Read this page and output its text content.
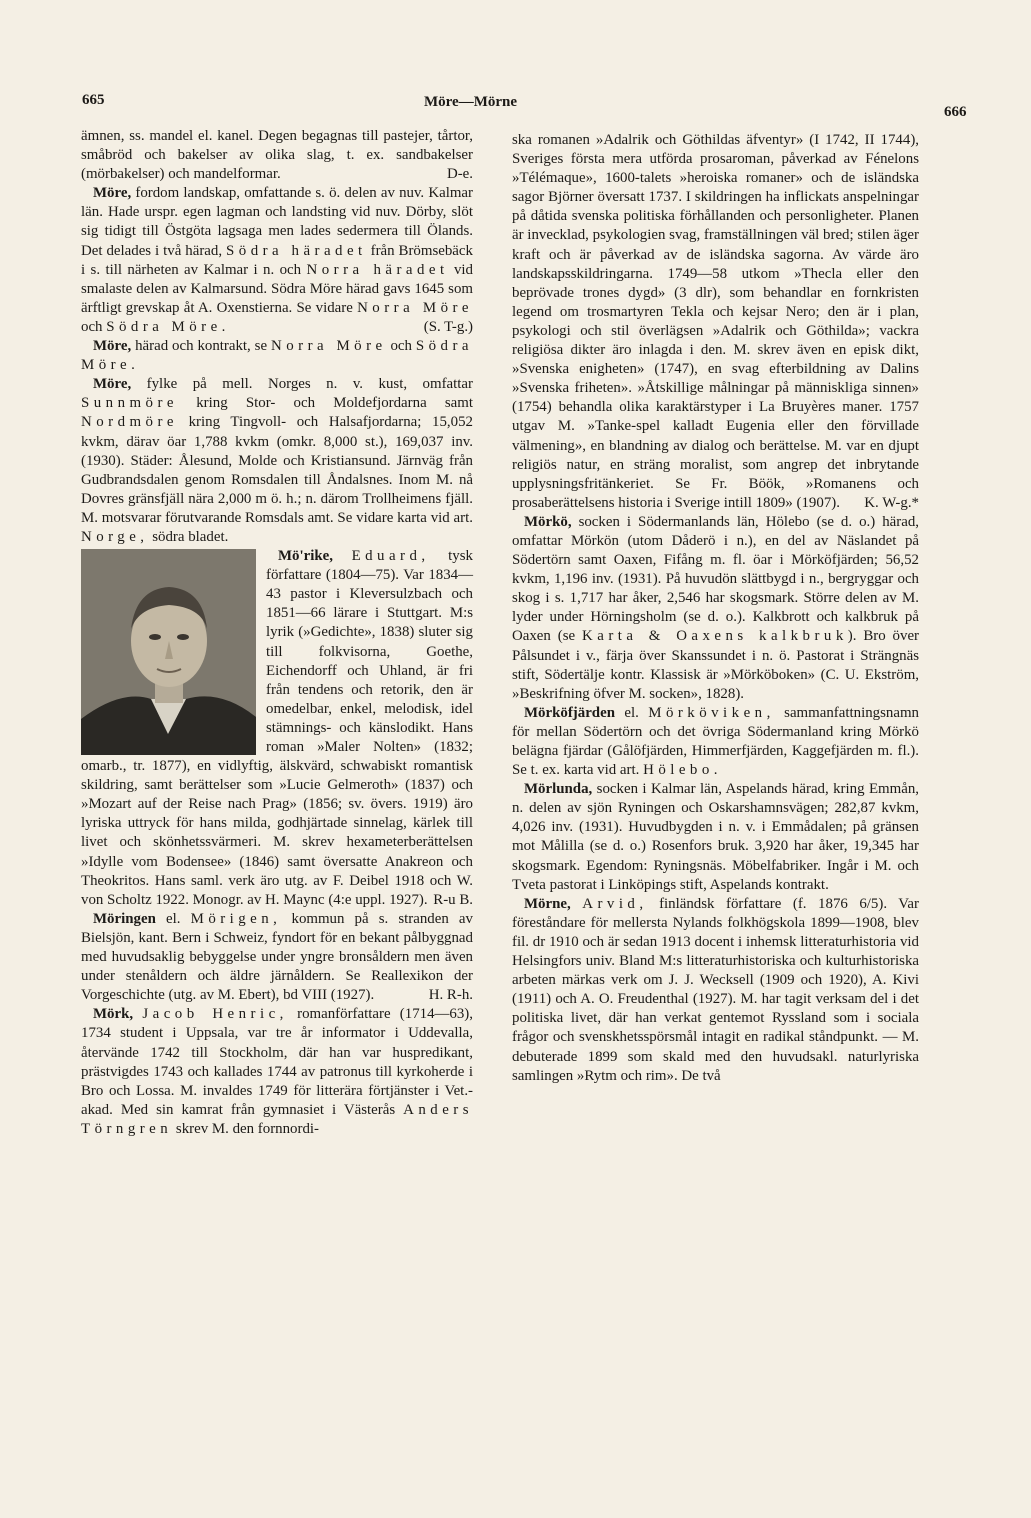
665	Möre—Mörne
666

ämnen, ss. mandel el. kanel. Degen begagnas till pastejer, tårtor, småbröd och bakelser av olika slag, t. ex. sandbakelser (mörbakelser) och mandelformar.	D-e.

Möre, fordom landskap, omfattande s. ö. delen av nuv. Kalmar län. Hade urspr. egen lagman och landsting vid nuv. Dörby, slöt sig tidigt till Östgöta lagsaga men lades sedermera till Ölands. Det delades i två härad, Södra häradet från Brömsebäck i s. till närheten av Kalmar i n. och Norra häradet vid smalaste delen av Kalmarsund. Södra Möre härad gavs 1645 som ärftligt grevskap åt A. Oxenstierna. Se vidare Norra Möre och Södra Möre.	(S. T-g.)

Möre, härad och kontrakt, se Norra Möre och Södra Möre.

Möre, fylke på mell. Norges n. v. kust, omfattar Sunnmöre kring Stor- och Moldefjordarna samt Nordmöre kring Tingvoll- och Halsafjordarna; 15,052 kvkm, därav öar 1,788 kvkm (omkr. 8,000 st.), 169,037 inv. (1930). Städer: Ålesund, Molde och Kristiansund. Järnväg från Gudbrandsdalen genom Romsdalen till Åndalsnes. Inom M. nå Dovres gränsfjäll nära 2,000 m ö. h.; n. därom Trollheimens fjäll. M. motsvarar förutvarande Romsdals amt. Se vidare karta vid art. Norge, södra bladet.

Mö'rike, Eduard, tysk författare (1804—75). Var 1834—43 pastor i Kleversulzbach och 1851—66 lärare i Stuttgart. M:s lyrik (»Gedichte», 1838) sluter sig till folkvisorna, Goethe, Eichendorff och Uhland, är fri från tendens och retorik, den är omedelbar, enkel, melodisk, idel stämnings- och känslodikt. Hans roman »Maler Nolten» (1832; omarb., tr. 1877), en vidlyftig, älskvärd, schwabiskt romantisk skildring, samt berättelser som »Lucie Gelmeroth» (1837) och »Mozart auf der Reise nach Prag» (1856; sv. övers. 1919) äro lyriska uttryck för hans milda, godhjärtade sinnelag, kärlek till livet och skönhetssvärmeri. M. skrev hexameterberättelsen »Idylle vom Bodensee» (1846) samt översatte Anakreon och Theokritos. Hans saml. verk äro utg. av F. Deibel 1918 och W. von Scholtz 1922. Monogr. av H. Maync (4:e uppl. 1927). R-u B.

Möringen el. Mörigen, kommun på s. stranden av Bielsjön, kant. Bern i Schweiz, fyndort för en bekant pålbyggnad med huvudsaklig bebyggelse under yngre bronsåldern men även under stenåldern och äldre järnåldern. Se Reallexikon der Vorgeschichte (utg. av M. Ebert), bd VIII (1927).	H. R-h.

Mörk, Jacob Henric, romanförfattare (1714—63), 1734 student i Uppsala, var tre år informator i Uddevalla, återvände 1742 till Stockholm, där han var huspredikant, prästvigdes 1743 och kallades 1744 av patronus till kyrkoherde i Bro och Lossa. M. invaldes 1749 för litterära förtjänster i Vet.-akad. Med sin kamrat från gymnasiet i Västerås Anders Törngren skrev M. den fornnordi-

ska romanen »Adalrik och Göthildas äfventyr» (I 1742, II 1744), Sveriges första mera utförda prosaroman, påverkad av Fénelons »Télémaque», 1600-talets »heroiska romaner» och de isländska sagor Björner översatt 1737. I skildringen ha inflickats anspelningar på dåtida svenska politiska förhållanden och personligheter. Planen är invecklad, psykologien svag, framställningen väl bred; stilen äger kraft och är påverkad av de isländska sagorna. Av värde äro landskapsskildringarna. 1749—58 utkom »Thecla eller den beprövade trones dygd» (3 dlr), som behandlar en fornkristen legend om trosmartyren Tekla och kejsar Nero; den är i plan, psykologi och stil överlägsen »Adalrik och Göthilda»; vackra religiösa dikter äro inlagda i den. M. skrev även en episk dikt, »Svenska enigheten» (1747), en svag efterbildning av Dalins »Svenska friheten». »Åtskillige målningar på människliga sinnen» (1754) behandla olika karaktärstyper i La Bruyères maner. 1757 utgav M. »Tanke-spel kalladt Eugenia eller den förvillade välmening», en blandning av dialog och berättelse. M. var en djupt religiös natur, en sträng moralist, som angrep det inbrytande upplysningsfritänkeriet. Se Fr. Böök, »Romanens och prosaberättelsens historia i Sverige intill 1809» (1907). K. W-g.*

Mörkö, socken i Södermanlands län, Hölebo (se d. o.) härad, omfattar Mörkön (utom Dåderö i n.), en del av Näslandet på Södertörn samt Oaxen, Fifång m. fl. öar i Mörköfjärden; 56,52 kvkm, 1,196 inv. (1931). På huvudön slättbygd i n., bergryggar och skog i s. 1,717 har åker, 2,546 har skogsmark. Större delen av M. lyder under Hörningsholm (se d. o.). Kalkbrott och kalkbruk på Oaxen (se Karta & Oaxens kalkbruk). Bro över Pålsundet i v., färja över Skanssundet i n. ö. Pastorat i Strängnäs stift, Södertälje kontr. Klassisk är »Mörköboken» (C. U. Ekström, »Beskrifning öfver M. socken», 1828).

Mörköfjärden el. Mörköviken, sammanfattningsnamn för mellan Södertörn och det övriga Södermanland kring Mörkö belägna fjärdar (Gålöfjärden, Himmerfjärden, Kaggefjärden m. fl.). Se t. ex. karta vid art. Hölebo.

Mörlunda, socken i Kalmar län, Aspelands härad, kring Emmån, n. delen av sjön Ryningen och Oskarshamnsvägen; 282,87 kvkm, 4,026 inv. (1931). Huvudbygden i n. v. i Emmådalen; på gränsen mot Målilla (se d. o.) Rosenfors bruk. 3,920 har åker, 19,345 har skogsmark. Egendom: Ryningsnäs. Möbelfabriker. Ingår i M. och Tveta pastorat i Linköpings stift, Aspelands kontrakt.

Mörne, Arvid, finländsk författare (f. 1876 6/5). Var föreståndare för mellersta Nylands folkhögskola 1899—1908, blev fil. dr 1910 och är sedan 1913 docent i inhemsk litteraturhistoria vid Helsingfors univ. Bland M:s litteraturhistoriska och kulturhistoriska arbeten märkas verk om J. J. Wecksell (1909 och 1920), A. Kivi (1911) och A. O. Freudenthal (1927). M. har tagit verksam del i det politiska livet, där han verkat gentemot Ryssland som i sociala frågor och svenskhetsspörsmål intagit en radikal ståndpunkt. — M. debuterade 1899 som skald med den huvudsakl. naturlyriska samlingen »Rytm och rim». De två
